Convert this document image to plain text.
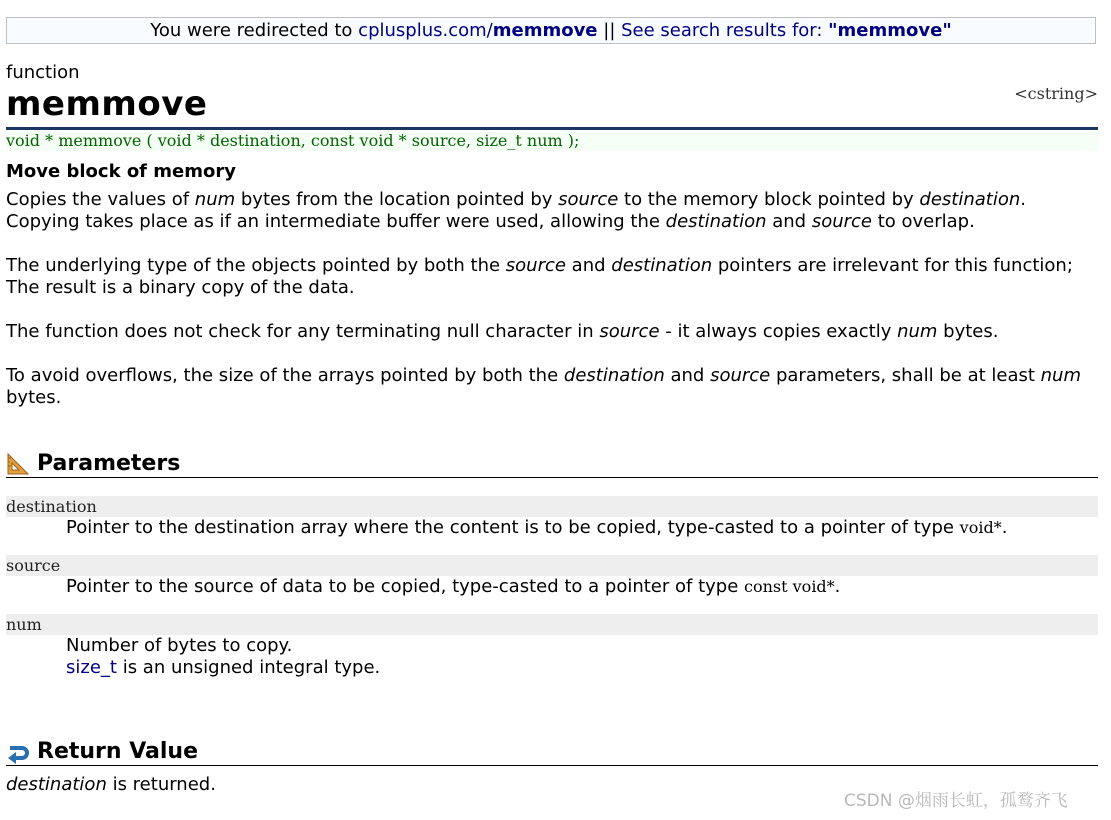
You were redirected to cplusplus.com/memmove || See search results for: "memmove"
function
memmove	<cstring>
void * memmove ( void * destination, const void * source, size_t num );
Move block of memory

Copies the values of num bytes from the location pointed by source to the memory block pointed by destination.
Copying takes place as if an intermediate buffer were used, allowing the destination and source to overlap.

The underlying type of the objects pointed by both the source and destination pointers are irrelevant for this function;
The result is a binary copy of the data.

The function does not check for any terminating null character in source - it always copies exactly num bytes.

To avoid overflows, the size of the arrays pointed by both the destination and source parameters, shall be at least num
bytes.

Parameters
destination
Pointer to the destination array where the content is to be copied, type-casted to a pointer of type void*.
source
Pointer to the source of data to be copied, type-casted to a pointer of type const void*.
num
Number of bytes to copy.
size_t is an unsigned integral type.
Return Value
destination is returned.
CSDN @烟雨长虹，孤鹜齐飞
